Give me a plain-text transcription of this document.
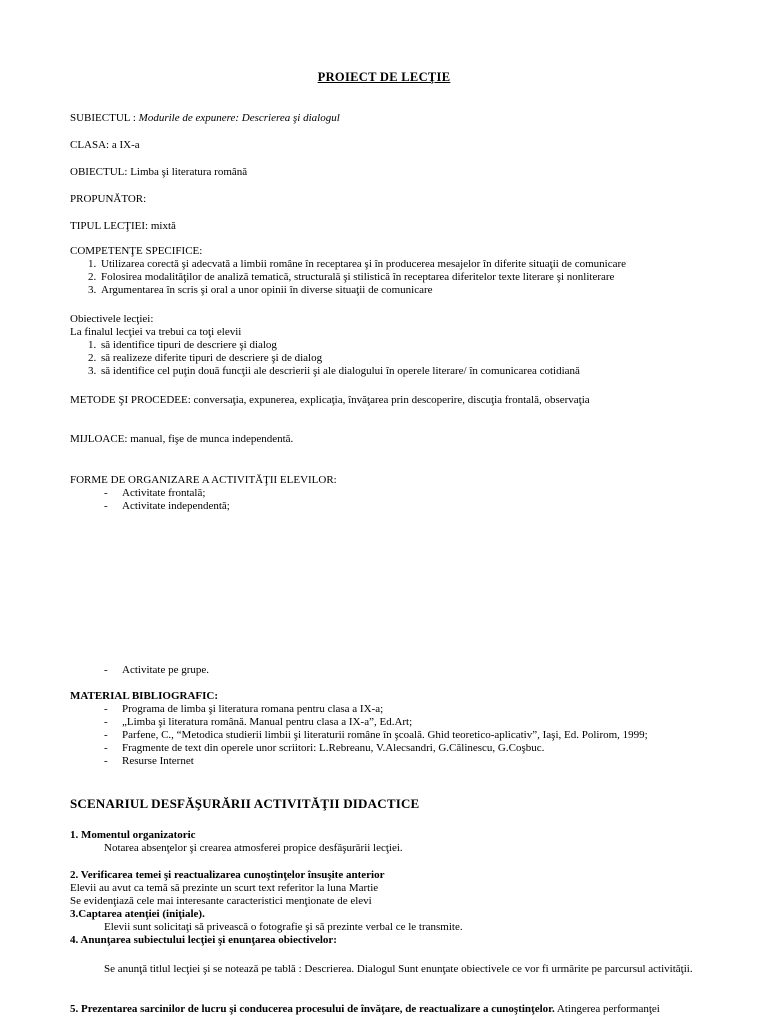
PROIECT DE LECŢIE
SUBIECTUL : Modurile de expunere: Descrierea şi dialogul
CLASA: a IX-a
OBIECTUL: Limba şi literatura română
PROPUNĂTOR:
TIPUL LECŢIEI: mixtă
COMPETENŢE SPECIFICE:
1. Utilizarea corectă şi adecvată a limbii române în receptarea şi în producerea mesajelor în diferite situaţii de comunicare
2. Folosirea modalităţilor de analiză tematică, structurală şi stilistică în receptarea diferitelor texte literare şi nonliterare
3. Argumentarea în scris şi oral a unor opinii în diverse situaţii de comunicare
Obiectivele lecţiei:
La finalul lecţiei va trebui ca toţi elevii
1. să identifice tipuri de descriere şi dialog
2. să realizeze diferite tipuri de descriere şi de dialog
3. să identifice cel puţin două funcţii ale descrierii şi ale dialogului în operele literare/ în comunicarea cotidiană
METODE ŞI PROCEDEE: conversaţia, expunerea, explicaţia, învăţarea prin descoperire, discuţia frontală, observaţia
MIJLOACE: manual, fişe de munca independentă.
FORME DE ORGANIZARE A ACTIVITĂŢII ELEVILOR:
- Activitate frontală;
- Activitate independentă;
- Activitate pe grupe.
MATERIAL BIBLIOGRAFIC:
- Programa de limba şi literatura romana pentru clasa a IX-a;
- „Limba şi literatura română. Manual pentru clasa a IX-a”, Ed.Art;
- Parfene, C., “Metodica studierii limbii şi literaturii române în şcoală. Ghid teoretico-aplicativ”, Iaşi, Ed. Polirom, 1999;
- Fragmente de text din operele unor scriitori: L.Rebreanu, V.Alecsandri, G.Călinescu, G.Coşbuc.
- Resurse Internet
SCENARIUL DESFĂŞURĂRII ACTIVITĂŢII DIDACTICE
1. Momentul organizatoric
Notarea absenţelor şi crearea atmosferei propice desfăşurării lecţiei.
2. Verificarea temei şi reactualizarea cunoştinţelor însuşite anterior
Elevii au avut ca temă să prezinte un scurt text referitor la luna Martie
Se evidenţiază cele mai interesante caracteristici menţionate de elevi
3.Captarea atenţiei (iniţiale).
Elevii sunt solicitaţi să privească o fotografie şi să prezinte verbal ce le transmite.
4. Anunţarea subiectului lecţiei şi enunţarea obiectivelor:
Se anunţă titlul lecţiei şi se notează pe tablă : Descrierea. Dialogul Sunt enunţate obiectivele ce vor fi urmărite pe parcursul activităţii.
5. Prezentarea sarcinilor de lucru şi conducerea procesului de învăţare, de reactualizare a cunoştinţelor. Atingerea performanţei
